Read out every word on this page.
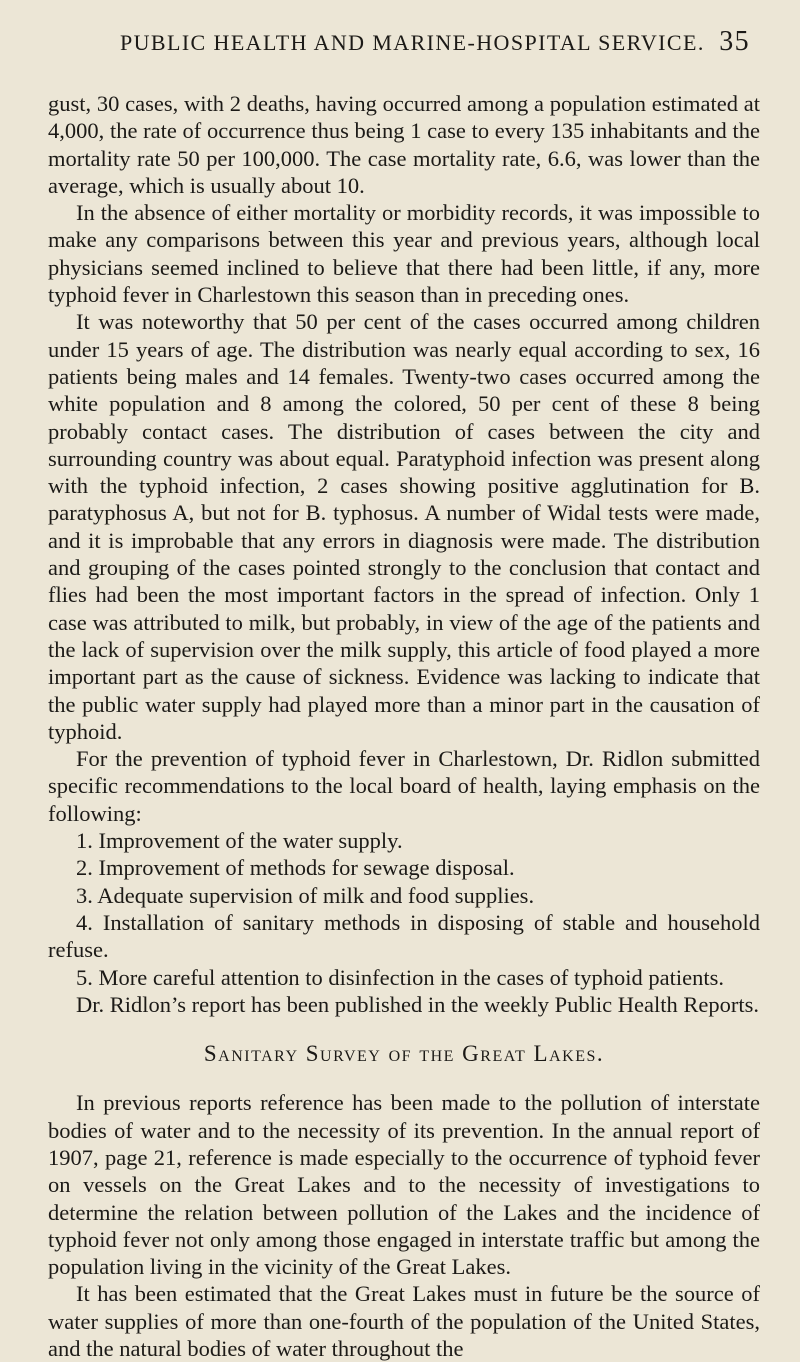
PUBLIC HEALTH AND MARINE-HOSPITAL SERVICE. 35

gust, 30 cases, with 2 deaths, having occurred among a population estimated at 4,000, the rate of occurrence thus being 1 case to every 135 inhabitants and the mortality rate 50 per 100,000. The case mortality rate, 6.6, was lower than the average, which is usually about 10.

In the absence of either mortality or morbidity records, it was impossible to make any comparisons between this year and previous years, although local physicians seemed inclined to believe that there had been little, if any, more typhoid fever in Charlestown this season than in preceding ones.

It was noteworthy that 50 per cent of the cases occurred among children under 15 years of age. The distribution was nearly equal according to sex, 16 patients being males and 14 females. Twenty-two cases occurred among the white population and 8 among the colored, 50 per cent of these 8 being probably contact cases. The distribution of cases between the city and surrounding country was about equal. Paratyphoid infection was present along with the typhoid infection, 2 cases showing positive agglutination for B. paratyphosus A, but not for B. typhosus. A number of Widal tests were made, and it is improbable that any errors in diagnosis were made. The distribution and grouping of the cases pointed strongly to the conclusion that contact and flies had been the most important factors in the spread of infection. Only 1 case was attributed to milk, but probably, in view of the age of the patients and the lack of supervision over the milk supply, this article of food played a more important part as the cause of sickness. Evidence was lacking to indicate that the public water supply had played more than a minor part in the causation of typhoid.

For the prevention of typhoid fever in Charlestown, Dr. Ridlon submitted specific recommendations to the local board of health, laying emphasis on the following:

1. Improvement of the water supply.

2. Improvement of methods for sewage disposal.

3. Adequate supervision of milk and food supplies.

4. Installation of sanitary methods in disposing of stable and household refuse.

5. More careful attention to disinfection in the cases of typhoid patients.

Dr. Ridlon’s report has been published in the weekly Public Health Reports.

Sanitary Survey of the Great Lakes.

In previous reports reference has been made to the pollution of interstate bodies of water and to the necessity of its prevention. In the annual report of 1907, page 21, reference is made especially to the occurrence of typhoid fever on vessels on the Great Lakes and to the necessity of investigations to determine the relation between pollution of the Lakes and the incidence of typhoid fever not only among those engaged in interstate traffic but among the population living in the vicinity of the Great Lakes.

It has been estimated that the Great Lakes must in future be the source of water supplies of more than one-fourth of the population of the United States, and the natural bodies of water throughout the
